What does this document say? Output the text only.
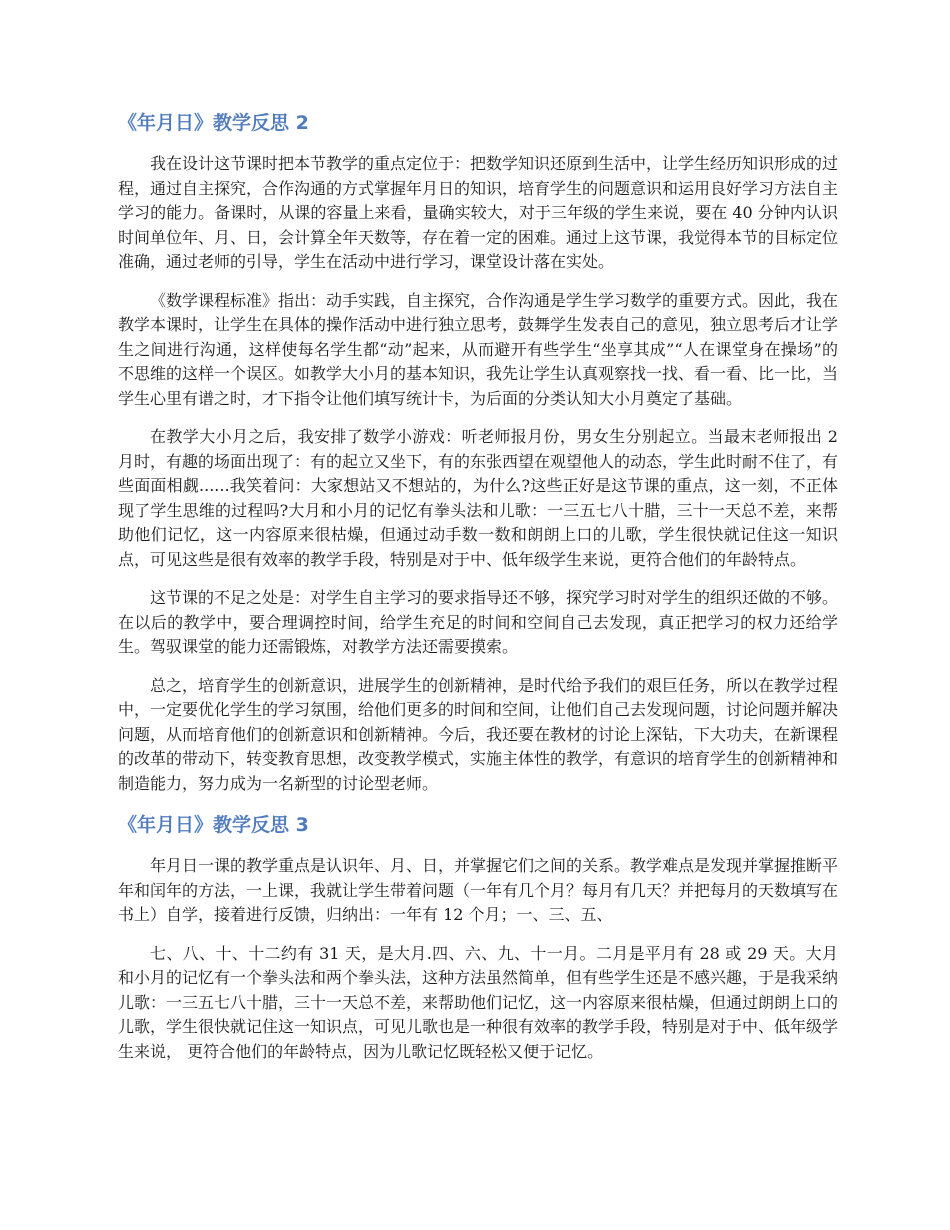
《年月日》教学反思 2

我在设计这节课时把本节教学的重点定位于：把数学知识还原到生活中，让学生经历知识形成的过程，通过自主探究，合作沟通的方式掌握年月日的知识，培育学生的问题意识和运用良好学习方法自主学习的能力。备课时，从课的容量上来看，量确实较大，对于三年级的学生来说，要在 40 分钟内认识时间单位年、月、日，会计算全年天数等，存在着一定的困难。通过上这节课，我觉得本节的目标定位准确，通过老师的引导，学生在活动中进行学习，课堂设计落在实处。

《数学课程标准》指出：动手实践，自主探究，合作沟通是学生学习数学的重要方式。因此，我在教学本课时，让学生在具体的操作活动中进行独立思考，鼓舞学生发表自己的意见，独立思考后才让学生之间进行沟通，这样使每名学生都“动”起来，从而避开有些学生“坐享其成”“人在课堂身在操场”的不思维的这样一个误区。如教学大小月的基本知识，我先让学生认真观察找一找、看一看、比一比，当学生心里有谱之时，才下指令让他们填写统计卡，为后面的分类认知大小月奠定了基础。

在教学大小月之后，我安排了数学小游戏：听老师报月份，男女生分别起立。当最末老师报出 2 月时，有趣的场面出现了：有的起立又坐下，有的东张西望在观望他人的动态，学生此时耐不住了，有些面面相觑......我笑着问：大家想站又不想站的，为什么?这些正好是这节课的重点，这一刻，不正体现了学生思维的过程吗?大月和小月的记忆有拳头法和儿歌：一三五七八十腊，三十一天总不差，来帮助他们记忆，这一内容原来很枯燥，但通过动手数一数和朗朗上口的儿歌，学生很快就记住这一知识点，可见这些是很有效率的教学手段，特别是对于中、低年级学生来说，更符合他们的年龄特点。

这节课的不足之处是：对学生自主学习的要求指导还不够，探究学习时对学生的组织还做的不够。在以后的教学中，要合理调控时间，给学生充足的时间和空间自己去发现，真正把学习的权力还给学生。驾驭课堂的能力还需锻炼，对教学方法还需要摸索。

总之，培育学生的创新意识，进展学生的创新精神，是时代给予我们的艰巨任务，所以在教学过程中，一定要优化学生的学习氛围，给他们更多的时间和空间，让他们自己去发现问题，讨论问题并解决问题，从而培育他们的创新意识和创新精神。今后，我还要在教材的讨论上深钻，下大功夫，在新课程的改革的带动下，转变教育思想，改变教学模式，实施主体性的教学，有意识的培育学生的创新精神和制造能力，努力成为一名新型的讨论型老师。

《年月日》教学反思 3

年月日一课的教学重点是认识年、月、日，并掌握它们之间的关系。教学难点是发现并掌握推断平年和闰年的方法，一上课，我就让学生带着问题（一年有几个月？每月有几天？并把每月的天数填写在书上）自学，接着进行反馈，归纳出：一年有 12 个月；一、三、五、

七、八、十、十二约有 31 天，是大月.四、六、九、十一月。二月是平月有 28 或 29 天。大月和小月的记忆有一个拳头法和两个拳头法，这种方法虽然简单，但有些学生还是不感兴趣，于是我采纳儿歌：一三五七八十腊，三十一天总不差，来帮助他们记忆，这一内容原来很枯燥，但通过朗朗上口的儿歌，学生很快就记住这一知识点，可见儿歌也是一种很有效率的教学手段，特别是对于中、低年级学生来说， 更符合他们的年龄特点，因为儿歌记忆既轻松又便于记忆。
